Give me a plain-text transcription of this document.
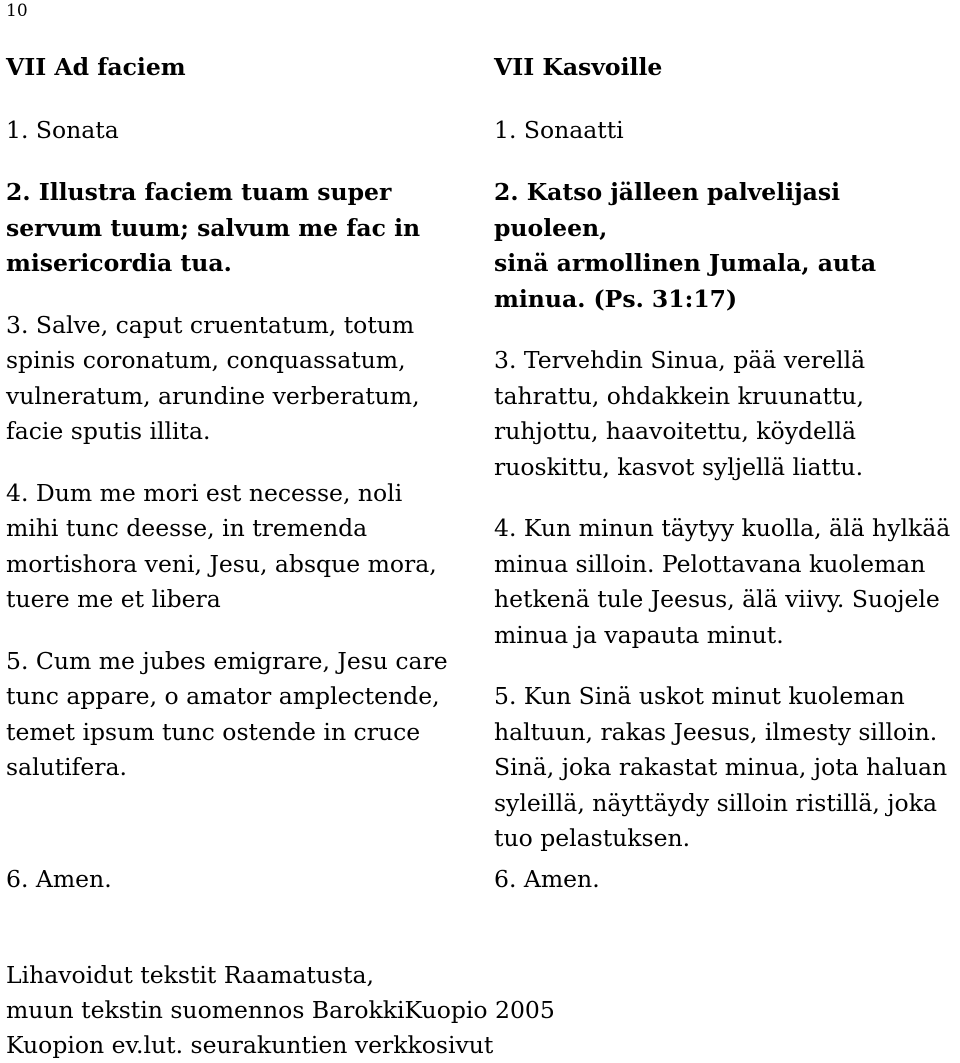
10

VII Ad faciem

1. Sonata

2. Illustra faciem tuam super

servum tuum; salvum me fac in

misericordia tua.

3. Salve, caput cruentatum, totum

spinis coronatum, conquassatum,

vulneratum, arundine verberatum,

facie sputis illita.

4. Dum me mori est necesse, noli

mihi tunc deesse, in tremenda

mortishora veni, Jesu, absque mora,

tuere me et libera

5. Cum me jubes emigrare, Jesu care

tunc appare, o amator amplectende,

temet ipsum tunc ostende in cruce

salutifera.

6. Amen.

VII Kasvoille

1. Sonaatti

2. Katso jälleen palvelijasi puoleen,

sinä armollinen Jumala, auta

minua. (Ps. 31:17)

3. Tervehdin Sinua, pää verellä

tahrattu, ohdakkein kruunattu,

ruhjottu, haavoitettu, köydellä

ruoskittu, kasvot syljellä liattu.

4. Kun minun täytyy kuolla, älä hylkää

minua silloin. Pelottavana kuoleman

hetkenä tule Jeesus, älä viivy. Suojele

minua ja vapauta minut.

5. Kun Sinä uskot minut kuoleman

haltuun, rakas Jeesus, ilmesty silloin.

Sinä, joka rakastat minua, jota haluan

syleillä, näyttäydy silloin ristillä, joka

tuo pelastuksen.

6. Amen.

Lihavoidut tekstit Raamatusta,
muun tekstin suomennos BarokkiKuopio 2005
Kuopion ev.lut. seurakuntien verkkosivut
